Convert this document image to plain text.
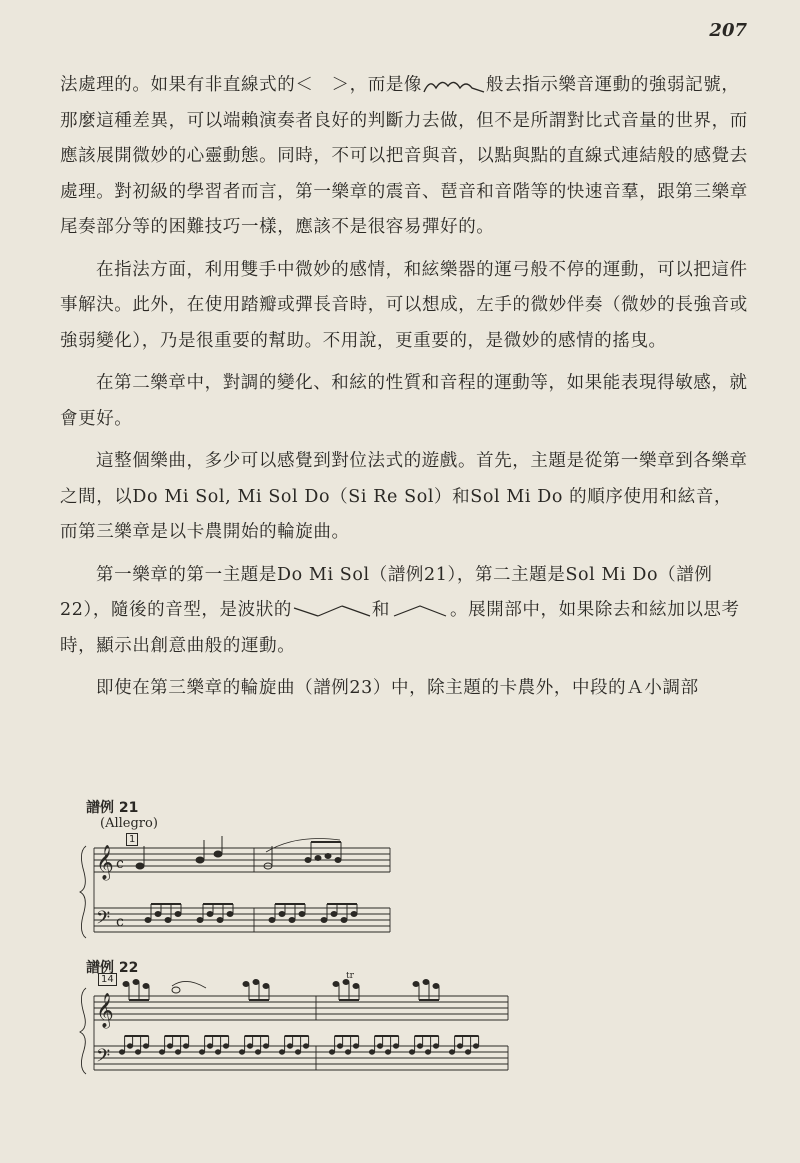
207

法處理的。如果有非直線式的＜　＞，而是像	般去指示樂音運動的強弱記號，那麼這種差異，可以端賴演奏者良好的判斷力去做，但不是所謂對比式音量的世界，而應該展開微妙的心靈動態。同時，不可以把音與音，以點與點的直線式連結般的感覺去處理。對初級的學習者而言，第一樂章的震音、琶音和音階等的快速音羣，跟第三樂章尾奏部分等的困難技巧一樣，應該不是很容易彈好的。

在指法方面，利用雙手中微妙的感情，和絃樂器的運弓般不停的運動，可以把這件事解決。此外，在使用踏瓣或彈長音時，可以想成，左手的微妙伴奏（微妙的長強音或強弱變化），乃是很重要的幫助。不用說，更重要的，是微妙的感情的搖曳。

在第二樂章中，對調的變化、和絃的性質和音程的運動等，如果能表現得敏感，就會更好。

這整個樂曲，多少可以感覺到對位法式的遊戲。首先，主題是從第一樂章到各樂章之間，以Do Mi Sol, Mi Sol Do（Si Re Sol）和Sol Mi Do 的順序使用和絃音，而第三樂章是以卡農開始的輪旋曲。

第一樂章的第一主題是Do Mi Sol（譜例21），第二主題是Sol Mi Do（譜例22），隨後的音型，是波狀的	和	。展開部中，如果除去和絃加以思考時，顯示出創意曲般的運動。

即使在第三樂章的輪旋曲（譜例23）中，除主題的卡農外，中段的Ａ小調部

譜例 21
(Allegro)
1
𝄞 c
𝄢 c
譜例 22
14
𝄞
𝄢
tr
